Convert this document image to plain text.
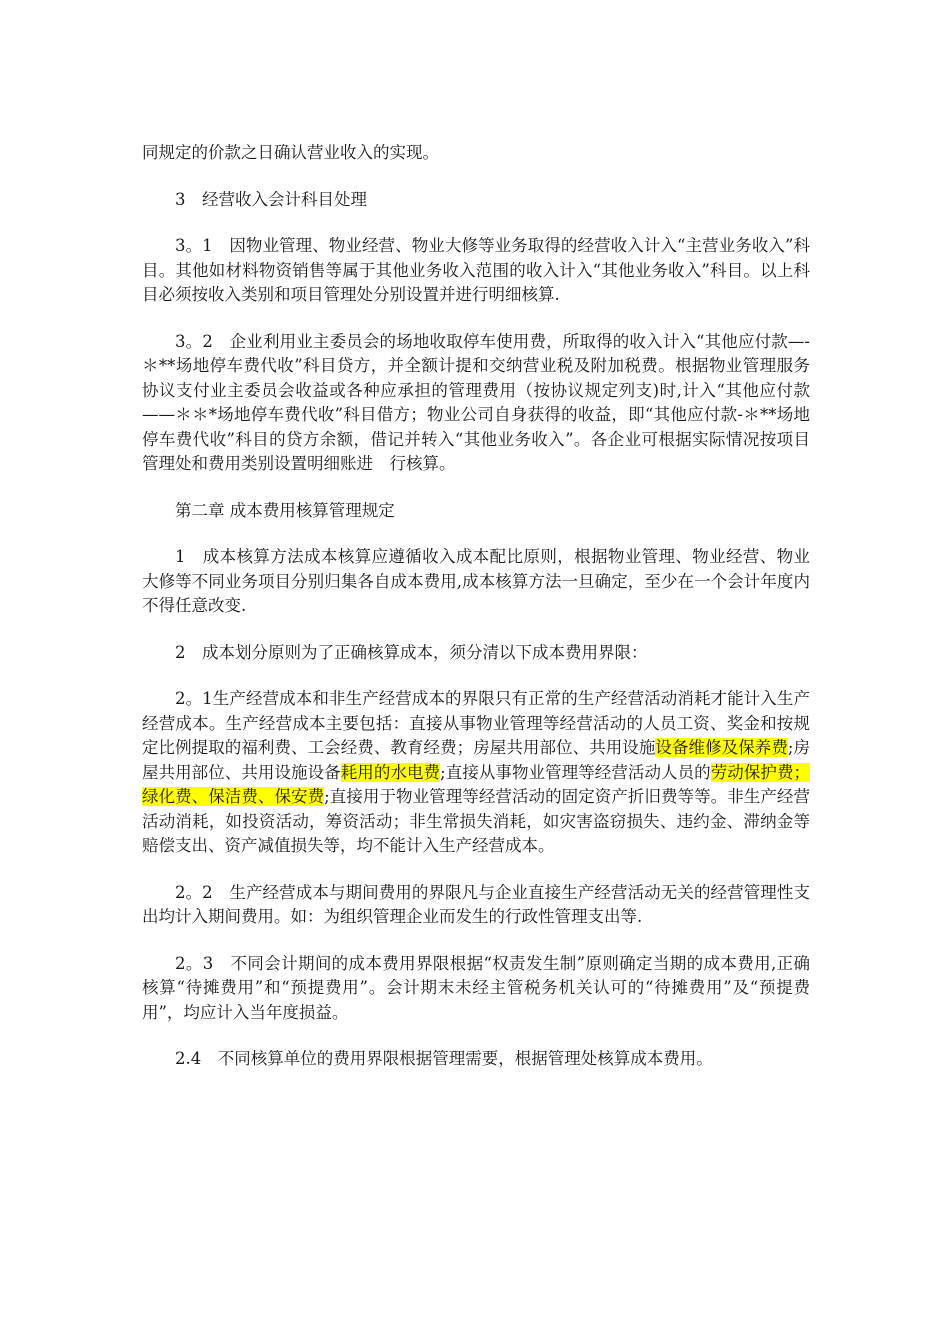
同规定的价款之日确认营业收入的实现。

3　经营收入会计科目处理

3。1　因物业管理、物业经营、物业大修等业务取得的经营收入计入“主营业务收入”科目。其他如材料物资销售等属于其他业务收入范围的收入计入“其他业务收入”科目。以上科目必须按收入类别和项目管理处分别设置并进行明细核算.

3。2　企业利用业主委员会的场地收取停车使用费，所取得的收入计入“其他应付款—-＊**场地停车费代收”科目贷方，并全额计提和交纳营业税及附加税费。根据物业管理服务协议支付业主委员会收益或各种应承担的管理费用（按协议规定列支)时,计入“其他应付款——＊＊*场地停车费代收”科目借方；物业公司自身获得的收益，即“其他应付款-＊**场地停车费代收”科目的贷方余额，借记并转入“其他业务收入”。各企业可根据实际情况按项目管理处和费用类别设置明细账进　行核算。

第二章 成本费用核算管理规定

1　成本核算方法成本核算应遵循收入成本配比原则，根据物业管理、物业经营、物业大修等不同业务项目分别归集各自成本费用,成本核算方法一旦确定，至少在一个会计年度内不得任意改变.

2　成本划分原则为了正确核算成本，须分清以下成本费用界限：

2。1生产经营成本和非生产经营成本的界限只有正常的生产经营活动消耗才能计入生产经营成本。生产经营成本主要包括：直接从事物业管理等经营活动的人员工资、奖金和按规定比例提取的福利费、工会经费、教育经费；房屋共用部位、共用设施设备维修及保养费;房屋共用部位、共用设施设备耗用的水电费;直接从事物业管理等经营活动人员的劳动保护费；绿化费、保洁费、保安费;直接用于物业管理等经营活动的固定资产折旧费等等。非生产经营活动消耗，如投资活动，筹资活动；非生常损失消耗，如灾害盗窃损失、违约金、滞纳金等赔偿支出、资产减值损失等，均不能计入生产经营成本。

2。2　生产经营成本与期间费用的界限凡与企业直接生产经营活动无关的经营管理性支出均计入期间费用。如：为组织管理企业而发生的行政性管理支出等.

2。3　不同会计期间的成本费用界限根据“权责发生制”原则确定当期的成本费用,正确核算“待摊费用”和“预提费用”。会计期末未经主管税务机关认可的“待摊费用”及“预提费用”，均应计入当年度损益。

2.4　不同核算单位的费用界限根据管理需要，根据管理处核算成本费用。
